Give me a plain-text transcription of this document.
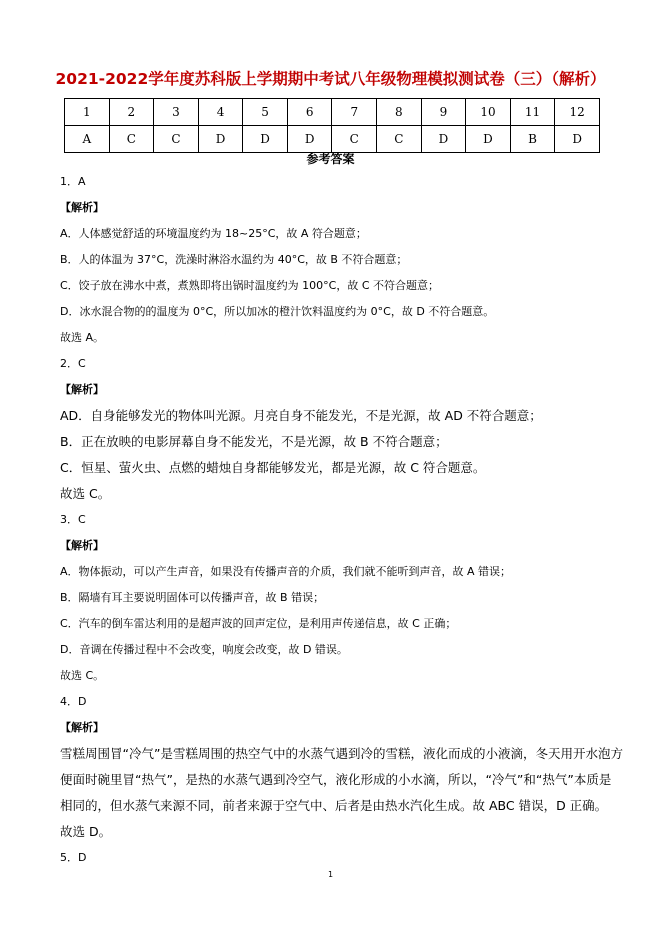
2021-2022学年度苏科版上学期期中考试八年级物理模拟测试卷（三）（解析）
1	2	3	4	5	6	7	8	9	10	11	12
A	C	C	D	D	D	C	C	D	D	B	D
参考答案
1．A
【解析】
A．人体感觉舒适的环境温度约为 18~25°C，故 A 符合题意；
B．人的体温为 37°C，洗澡时淋浴水温约为 40°C，故 B 不符合题意；
C．饺子放在沸水中煮，煮熟即将出锅时温度约为 100°C，故 C 不符合题意；
D．冰水混合物的的温度为 0°C，所以加冰的橙汁饮料温度约为 0°C，故 D 不符合题意。
故选 A。
2．C
【解析】
AD．自身能够发光的物体叫光源。月亮自身不能发光，不是光源，故 AD 不符合题意；
B．正在放映的电影屏幕自身不能发光，不是光源，故 B 不符合题意；
C．恒星、萤火虫、点燃的蜡烛自身都能够发光，都是光源，故 C 符合题意。
故选 C。
3．C
【解析】
A．物体振动，可以产生声音，如果没有传播声音的介质，我们就不能听到声音，故 A 错误；
B．隔墙有耳主要说明固体可以传播声音，故 B 错误；
C．汽车的倒车雷达利用的是超声波的回声定位，是利用声传递信息，故 C 正确；
D．音调在传播过程中不会改变，响度会改变，故 D 错误。
故选 C。
4．D
【解析】
雪糕周围冒“冷气”是雪糕周围的热空气中的水蒸气遇到冷的雪糕，液化而成的小液滴，冬天用开水泡方
便面时碗里冒“热气”，是热的水蒸气遇到冷空气，液化形成的小水滴，所以，“冷气”和“热气”本质是
相同的，但水蒸气来源不同，前者来源于空气中、后者是由热水汽化生成。故 ABC 错误，D 正确。
故选 D。
5．D
1
